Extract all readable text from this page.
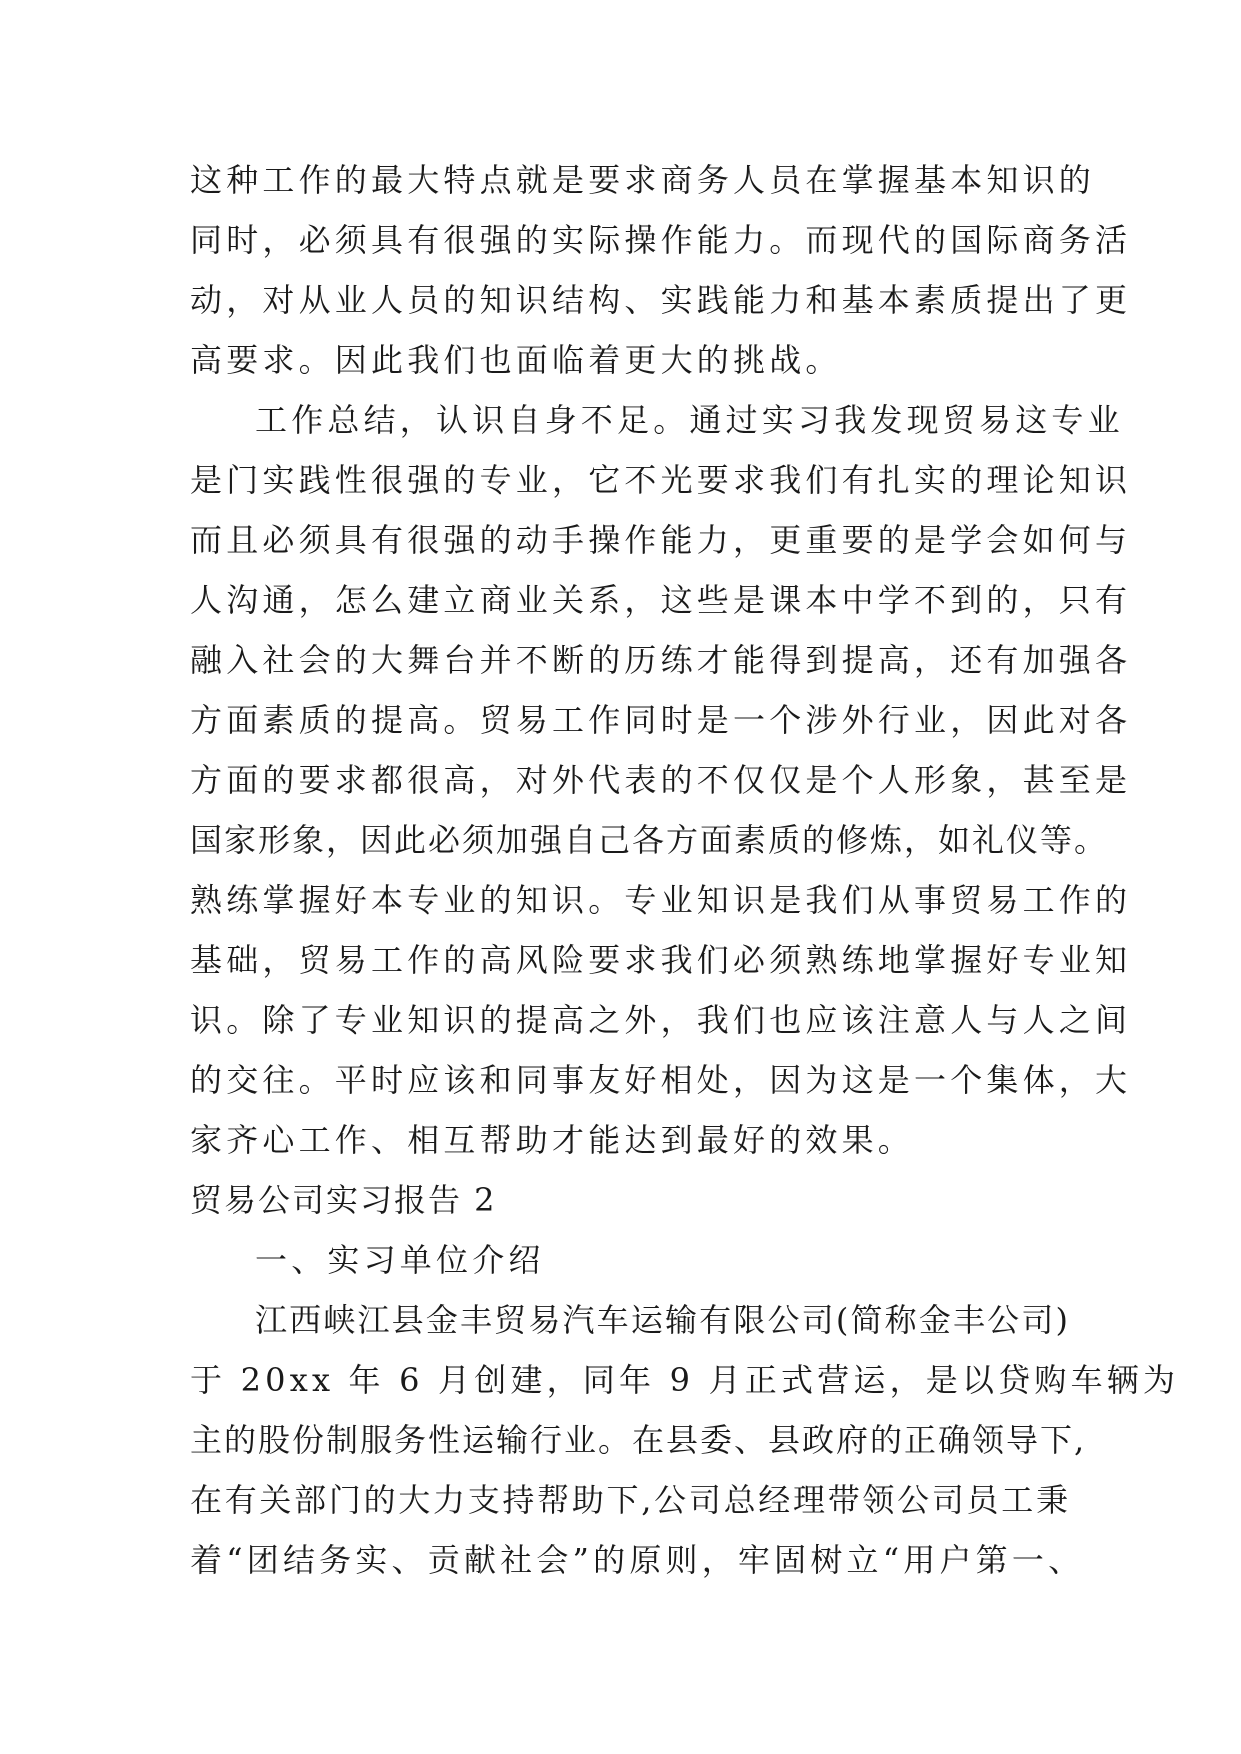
这种工作的最大特点就是要求商务人员在掌握基本知识的
同时，必须具有很强的实际操作能力。而现代的国际商务活
动，对从业人员的知识结构、实践能力和基本素质提出了更
高要求。因此我们也面临着更大的挑战。
工作总结，认识自身不足。通过实习我发现贸易这专业
是门实践性很强的专业，它不光要求我们有扎实的理论知识
而且必须具有很强的动手操作能力，更重要的是学会如何与
人沟通，怎么建立商业关系，这些是课本中学不到的，只有
融入社会的大舞台并不断的历练才能得到提高，还有加强各
方面素质的提高。贸易工作同时是一个涉外行业，因此对各
方面的要求都很高，对外代表的不仅仅是个人形象，甚至是
国家形象，因此必须加强自己各方面素质的修炼，如礼仪等。
熟练掌握好本专业的知识。专业知识是我们从事贸易工作的
基础，贸易工作的高风险要求我们必须熟练地掌握好专业知
识。除了专业知识的提高之外，我们也应该注意人与人之间
的交往。平时应该和同事友好相处，因为这是一个集体，大
家齐心工作、相互帮助才能达到最好的效果。
贸易公司实习报告 2
一、实习单位介绍
江西峡江县金丰贸易汽车运输有限公司(简称金丰公司)
于 20xx 年 6 月创建，同年 9 月正式营运，是以贷购车辆为
主的股份制服务性运输行业。在县委、县政府的正确领导下,
在有关部门的大力支持帮助下,公司总经理带领公司员工秉
着“团结务实、贡献社会”的原则，牢固树立“用户第一、
